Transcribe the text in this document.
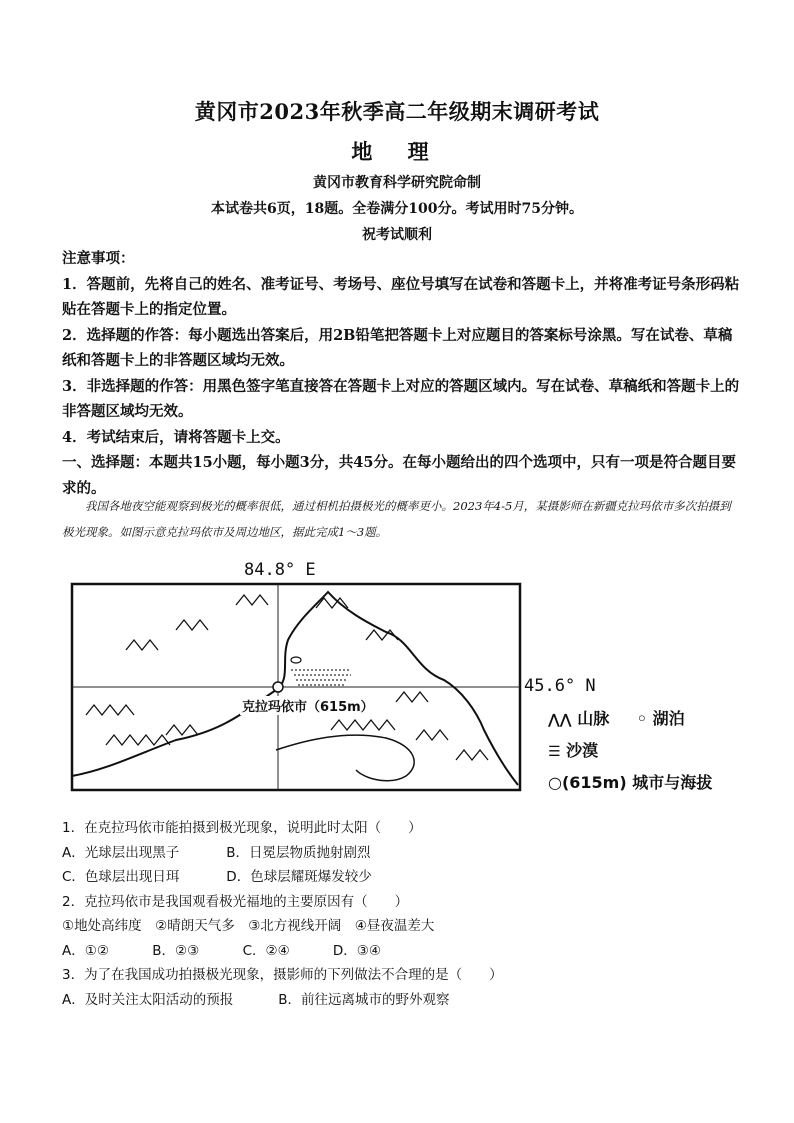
黄冈市2023年秋季高二年级期末调研考试
地 理
黄冈市教育科学研究院命制
本试卷共6页，18题。全卷满分100分。考试用时75分钟。
祝考试顺利
注意事项：
1．答题前，先将自己的姓名、准考证号、考场号、座位号填写在试卷和答题卡上，并将准考证号条形码粘贴在答题卡上的指定位置。
2．选择题的作答：每小题选出答案后，用2B铅笔把答题卡上对应题目的答案标号涂黑。写在试卷、草稿纸和答题卡上的非答题区域均无效。
3．非选择题的作答：用黑色签字笔直接答在答题卡上对应的答题区域内。写在试卷、草稿纸和答题卡上的非答题区域均无效。
4．考试结束后，请将答题卡上交。
一、选择题：本题共15小题，每小题3分，共45分。在每小题给出的四个选项中，只有一项是符合题目要求的。
我国各地夜空能观察到极光的概率很低，通过相机拍摄极光的概率更小。2023年4-5月，某摄影师在新疆克拉玛依市多次拍摄到极光现象。如图示意克拉玛依市及周边地区，据此完成1～3题。
84.8° E
45.6° N
克拉玛依市（615m）
⋀⋀ 山脉 ◦ 湖泊
☰ 沙漠
○(615m) 城市与海拔
1．在克拉玛依市能拍摄到极光现象，说明此时太阳（　　）
A．光球层出现黑子	B．日冕层物质抛射剧烈
C．色球层出现日珥	D．色球层耀斑爆发较少
2．克拉玛依市是我国观看极光福地的主要原因有（　　）
①地处高纬度　②晴朗天气多　③北方视线开阔　④昼夜温差大
A．①②	B．②③	C．②④	D．③④
3．为了在我国成功拍摄极光现象，摄影师的下列做法不合理的是（　　）
A．及时关注太阳活动的预报	B．前往远离城市的野外观察
